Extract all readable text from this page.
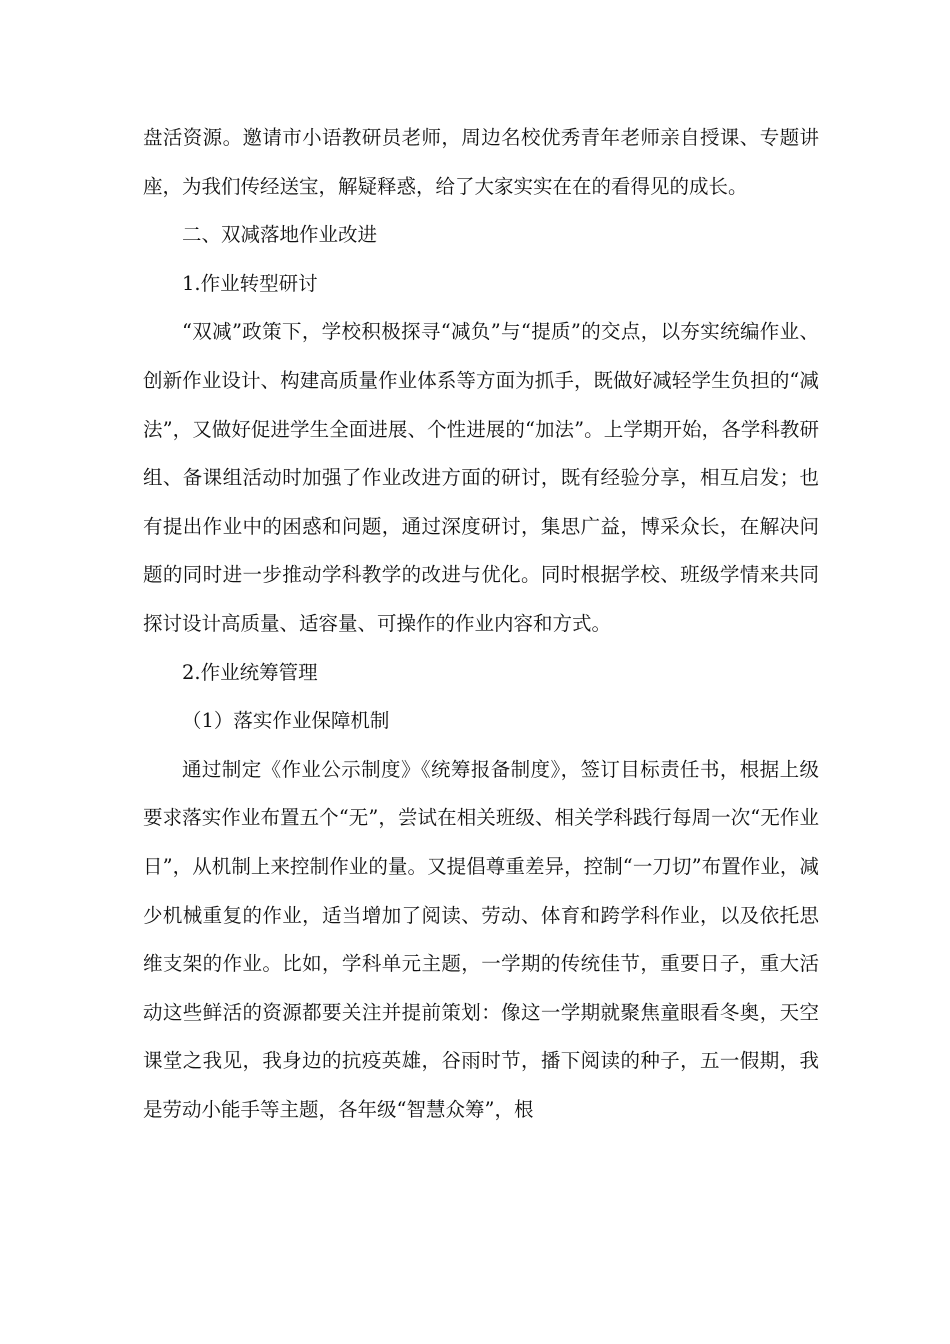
盘活资源。邀请市小语教研员老师，周边名校优秀青年老师亲自授课、专题讲座，为我们传经送宝，解疑释惑，给了大家实实在在的看得见的成长。

二、双减落地作业改进

1.作业转型研讨

“双减”政策下，学校积极探寻“减负”与“提质”的交点，以夯实统编作业、创新作业设计、构建高质量作业体系等方面为抓手，既做好减轻学生负担的“减法”，又做好促进学生全面进展、个性进展的“加法”。上学期开始，各学科教研组、备课组活动时加强了作业改进方面的研讨，既有经验分享，相互启发；也有提出作业中的困惑和问题，通过深度研讨，集思广益，博采众长，在解决问题的同时进一步推动学科教学的改进与优化。同时根据学校、班级学情来共同探讨设计高质量、适容量、可操作的作业内容和方式。

2.作业统筹管理

（1）落实作业保障机制

通过制定《作业公示制度》《统筹报备制度》，签订目标责任书，根据上级要求落实作业布置五个“无”，尝试在相关班级、相关学科践行每周一次“无作业日”，从机制上来控制作业的量。又提倡尊重差异，控制“一刀切”布置作业，减少机械重复的作业，适当增加了阅读、劳动、体育和跨学科作业，以及依托思维支架的作业。比如，学科单元主题，一学期的传统佳节，重要日子，重大活动这些鲜活的资源都要关注并提前策划：像这一学期就聚焦童眼看冬奥，天空课堂之我见，我身边的抗疫英雄，谷雨时节，播下阅读的种子，五一假期，我是劳动小能手等主题，各年级“智慧众筹”，根
